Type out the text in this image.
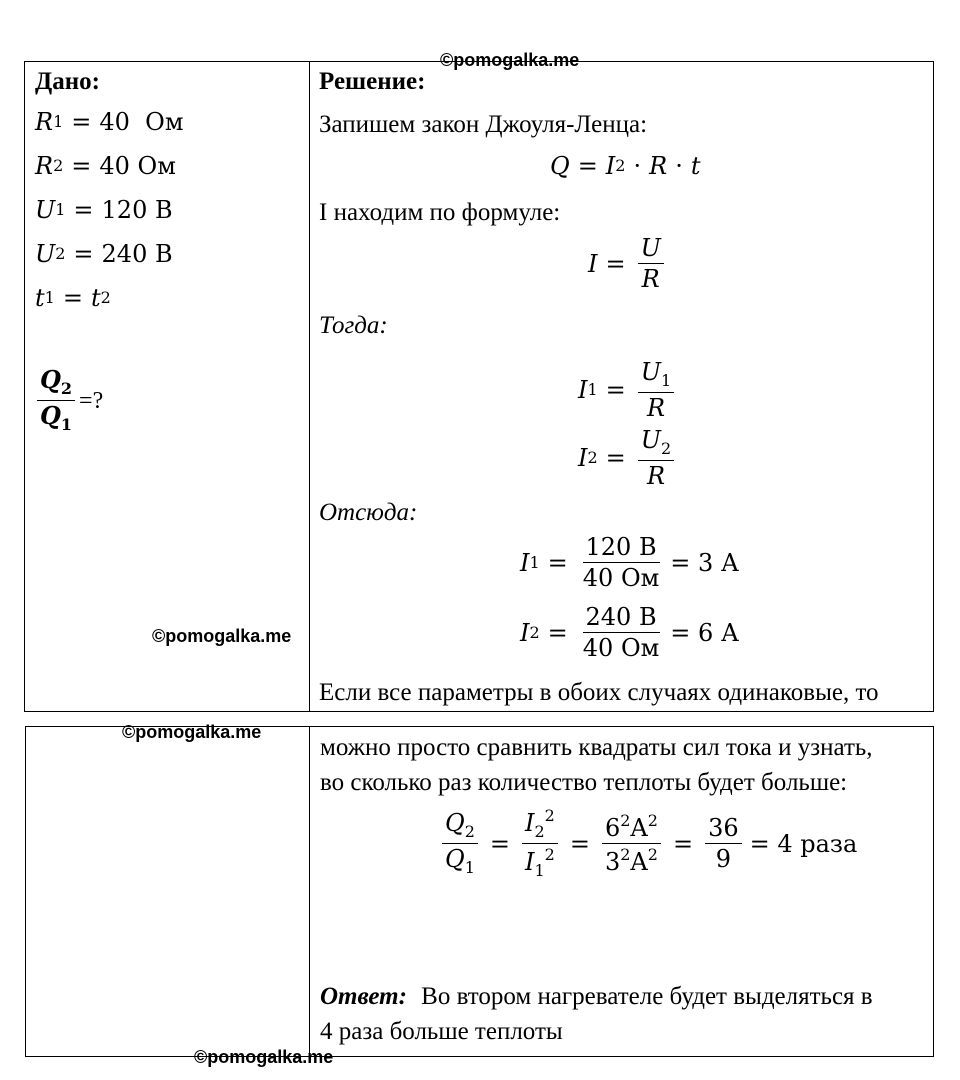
©pomogalka.me
©pomogalka.me
©pomogalka.me
©pomogalka.me
Дано:
R 1 = 40  Ом
R 2 = 40 Ом
U 1 = 120 В
U 2 = 240 В
t 1 = t 2
$\frac{Q_2}{Q_1}$ =?
Решение:
Запишем закон Джоуля-Ленца:
Q = I 2 · R · t
I находим по формуле:
$I = \frac{U}{R}$
Тогда:
I $1 = \frac{U_1}{R}$
I $2 = \frac{U_2}{R}$
Отсюда:
I $1 = \frac{120 В}{40 Ом} = 3$ А
I $2 = \frac{240 В}{40 Ом} = 6$ А
Если все параметры в обоих случаях одинаковые, то
можно просто сравнить квадраты сил тока и узнать,
во сколько раз количество теплоты будет больше:
$\frac{Q_2}{Q_1} = \frac{I_2^2}{I_1^2} = \frac{6^2A^2}{3^2A^2} = \frac{36}{9} = 4$ раза
Ответ: Во втором нагревателе будет выделяться в
4 раза больше теплоты
